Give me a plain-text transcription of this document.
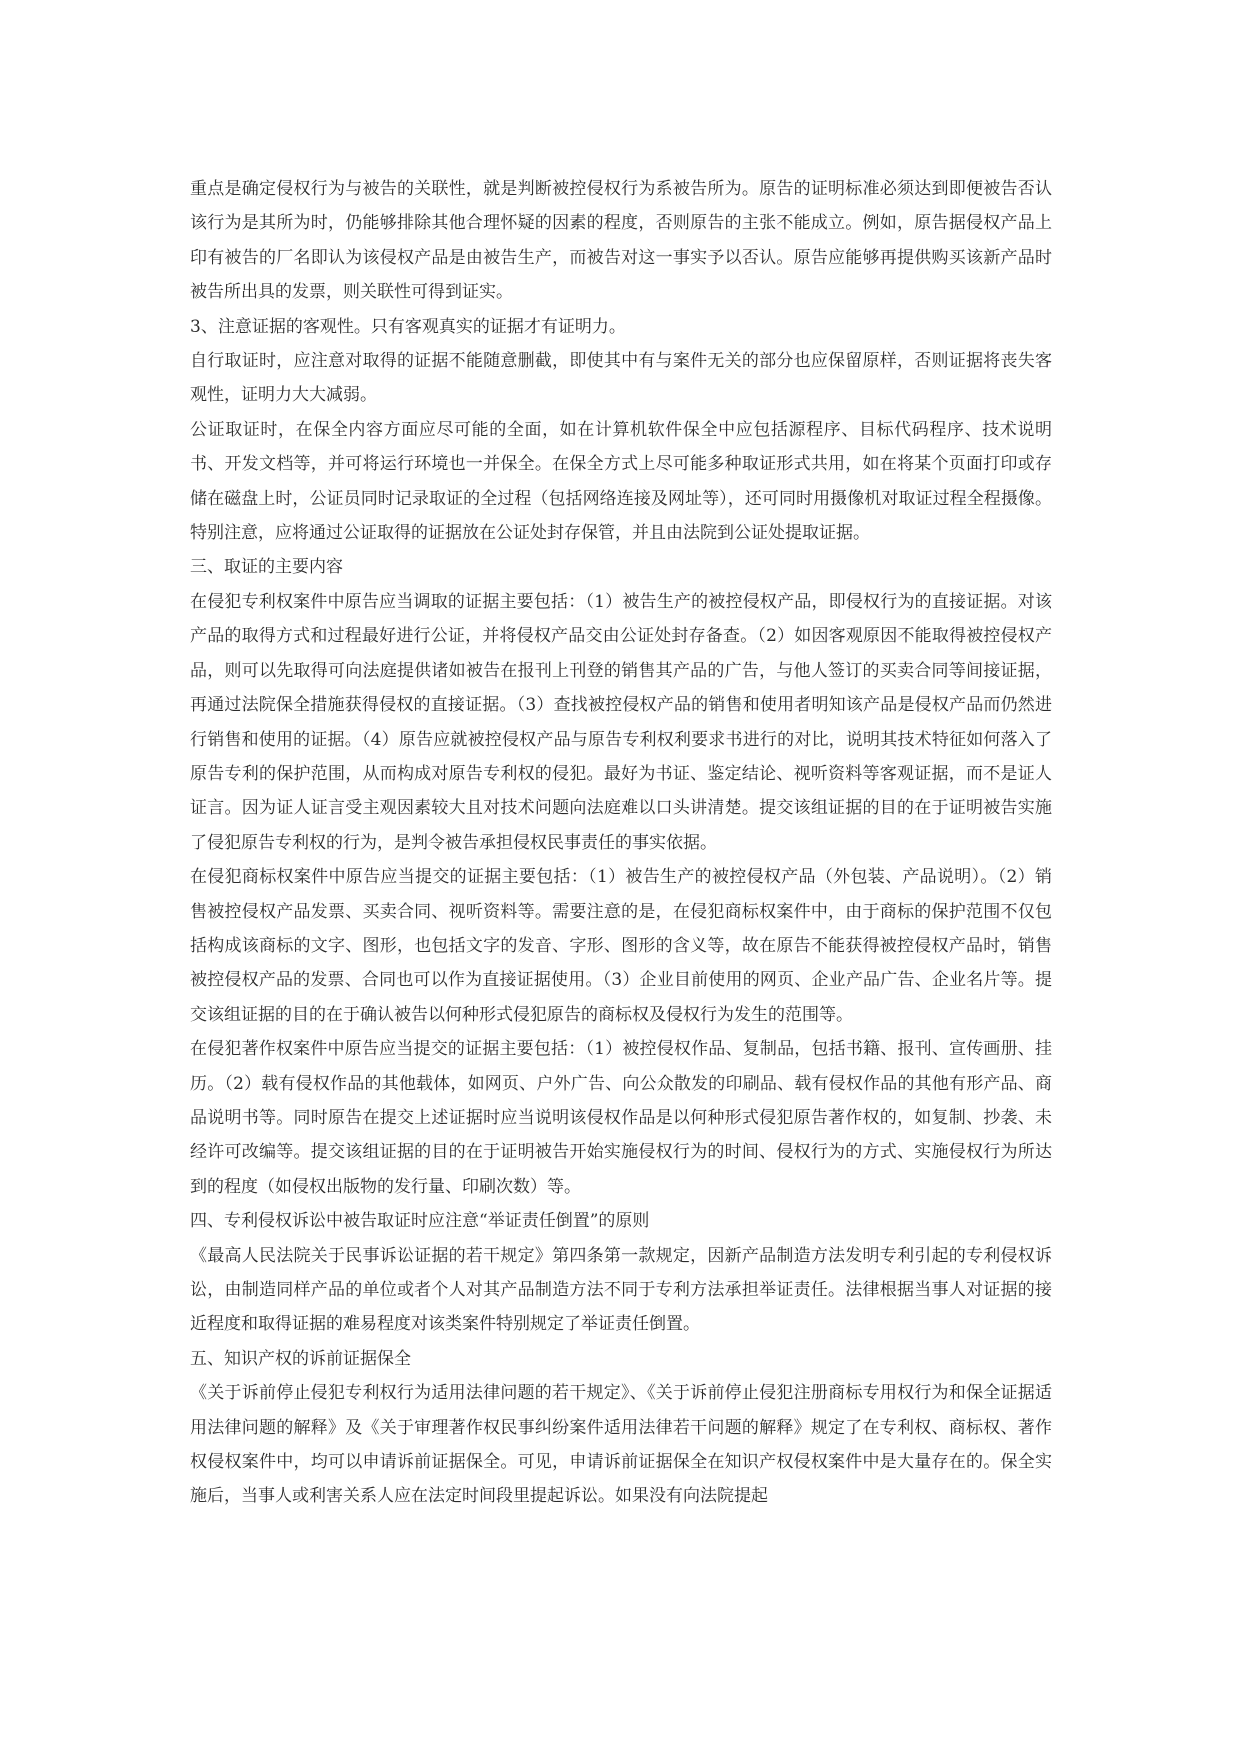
重点是确定侵权行为与被告的关联性，就是判断被控侵权行为系被告所为。原告的证明标准必须达到即便被告否认该行为是其所为时，仍能够排除其他合理怀疑的因素的程度，否则原告的主张不能成立。例如，原告据侵权产品上印有被告的厂名即认为该侵权产品是由被告生产，而被告对这一事实予以否认。原告应能够再提供购买该新产品时被告所出具的发票，则关联性可得到证实。

3、注意证据的客观性。只有客观真实的证据才有证明力。

自行取证时，应注意对取得的证据不能随意删截，即使其中有与案件无关的部分也应保留原样，否则证据将丧失客观性，证明力大大减弱。

公证取证时，在保全内容方面应尽可能的全面，如在计算机软件保全中应包括源程序、目标代码程序、技术说明书、开发文档等，并可将运行环境也一并保全。在保全方式上尽可能多种取证形式共用，如在将某个页面打印或存储在磁盘上时，公证员同时记录取证的全过程（包括网络连接及网址等），还可同时用摄像机对取证过程全程摄像。特别注意，应将通过公证取得的证据放在公证处封存保管，并且由法院到公证处提取证据。

三、取证的主要内容

在侵犯专利权案件中原告应当调取的证据主要包括：（1）被告生产的被控侵权产品，即侵权行为的直接证据。对该产品的取得方式和过程最好进行公证，并将侵权产品交由公证处封存备查。（2）如因客观原因不能取得被控侵权产品，则可以先取得可向法庭提供诸如被告在报刊上刊登的销售其产品的广告，与他人签订的买卖合同等间接证据，再通过法院保全措施获得侵权的直接证据。（3）查找被控侵权产品的销售和使用者明知该产品是侵权产品而仍然进行销售和使用的证据。（4）原告应就被控侵权产品与原告专利权利要求书进行的对比，说明其技术特征如何落入了原告专利的保护范围，从而构成对原告专利权的侵犯。最好为书证、鉴定结论、视听资料等客观证据，而不是证人证言。因为证人证言受主观因素较大且对技术问题向法庭难以口头讲清楚。提交该组证据的目的在于证明被告实施了侵犯原告专利权的行为，是判令被告承担侵权民事责任的事实依据。

在侵犯商标权案件中原告应当提交的证据主要包括：（1）被告生产的被控侵权产品（外包装、产品说明）。（2）销售被控侵权产品发票、买卖合同、视听资料等。需要注意的是，在侵犯商标权案件中，由于商标的保护范围不仅包括构成该商标的文字、图形，也包括文字的发音、字形、图形的含义等，故在原告不能获得被控侵权产品时，销售被控侵权产品的发票、合同也可以作为直接证据使用。（3）企业目前使用的网页、企业产品广告、企业名片等。提交该组证据的目的在于确认被告以何种形式侵犯原告的商标权及侵权行为发生的范围等。

在侵犯著作权案件中原告应当提交的证据主要包括：（1）被控侵权作品、复制品，包括书籍、报刊、宣传画册、挂历。（2）载有侵权作品的其他载体，如网页、户外广告、向公众散发的印刷品、载有侵权作品的其他有形产品、商品说明书等。同时原告在提交上述证据时应当说明该侵权作品是以何种形式侵犯原告著作权的，如复制、抄袭、未经许可改编等。提交该组证据的目的在于证明被告开始实施侵权行为的时间、侵权行为的方式、实施侵权行为所达到的程度（如侵权出版物的发行量、印刷次数）等。

四、专利侵权诉讼中被告取证时应注意“举证责任倒置”的原则

《最高人民法院关于民事诉讼证据的若干规定》第四条第一款规定，因新产品制造方法发明专利引起的专利侵权诉讼，由制造同样产品的单位或者个人对其产品制造方法不同于专利方法承担举证责任。法律根据当事人对证据的接近程度和取得证据的难易程度对该类案件特别规定了举证责任倒置。

五、知识产权的诉前证据保全

《关于诉前停止侵犯专利权行为适用法律问题的若干规定》、《关于诉前停止侵犯注册商标专用权行为和保全证据适用法律问题的解释》及《关于审理著作权民事纠纷案件适用法律若干问题的解释》规定了在专利权、商标权、著作权侵权案件中，均可以申请诉前证据保全。可见，申请诉前证据保全在知识产权侵权案件中是大量存在的。保全实施后，当事人或利害关系人应在法定时间段里提起诉讼。如果没有向法院提起
